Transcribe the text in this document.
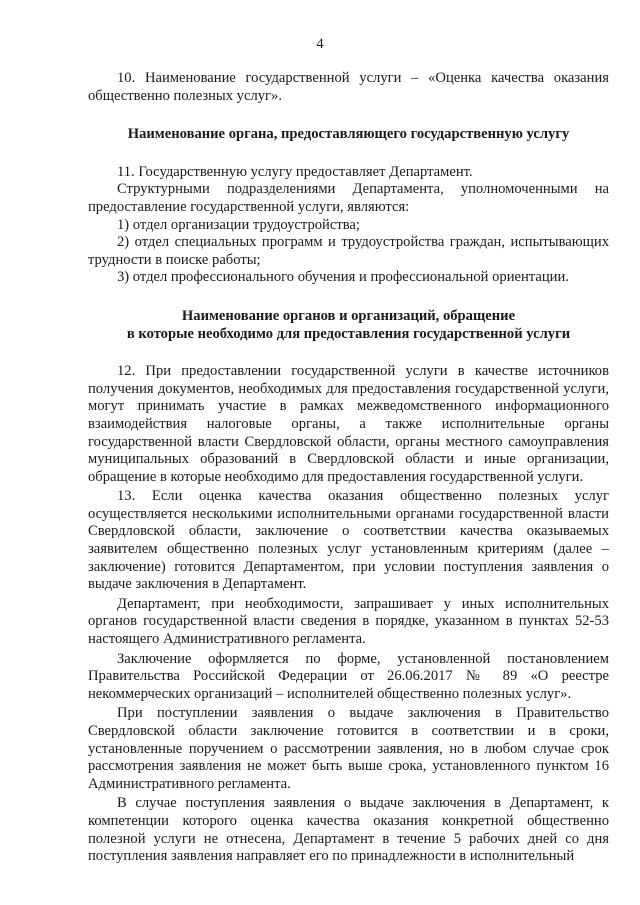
4

10. Наименование государственной услуги – «Оценка качества оказания общественно полезных услуг».

Наименование органа, предоставляющего государственную услугу

11. Государственную услугу предоставляет Департамент.

Структурными подразделениями Департамента, уполномоченными на предоставление государственной услуги, являются:

1) отдел организации трудоустройства;

2) отдел специальных программ и трудоустройства граждан, испытывающих трудности в поиске работы;

3) отдел профессионального обучения и профессиональной ориентации.

Наименование органов и организаций, обращение
в которые необходимо для предоставления государственной услуги

12. При предоставлении государственной услуги в качестве источников получения документов, необходимых для предоставления государственной услуги, могут принимать участие в рамках межведомственного информационного взаимодействия налоговые органы, а также исполнительные органы государственной власти Свердловской области, органы местного самоуправления муниципальных образований в Свердловской области и иные организации, обращение в которые необходимо для предоставления государственной услуги.

13. Если оценка качества оказания общественно полезных услуг осуществляется несколькими исполнительными органами государственной власти Свердловской области, заключение о соответствии качества оказываемых заявителем общественно полезных услуг установленным критериям (далее – заключение) готовится Департаментом, при условии поступления заявления о выдаче заключения в Департамент.

Департамент, при необходимости, запрашивает у иных исполнительных органов государственной власти сведения в порядке, указанном в пунктах 52-53 настоящего Административного регламента.

Заключение оформляется по форме, установленной постановлением Правительства Российской Федерации от 26.06.2017 № 89 «О реестре некоммерческих организаций – исполнителей общественно полезных услуг».

При поступлении заявления о выдаче заключения в Правительство Свердловской области заключение готовится в соответствии и в сроки, установленные поручением о рассмотрении заявления, но в любом случае срок рассмотрения заявления не может быть выше срока, установленного пунктом 16 Административного регламента.

В случае поступления заявления о выдаче заключения в Департамент, к компетенции которого оценка качества оказания конкретной общественно полезной услуги не отнесена, Департамент в течение 5 рабочих дней со дня поступления заявления направляет его по принадлежности в исполнительный
